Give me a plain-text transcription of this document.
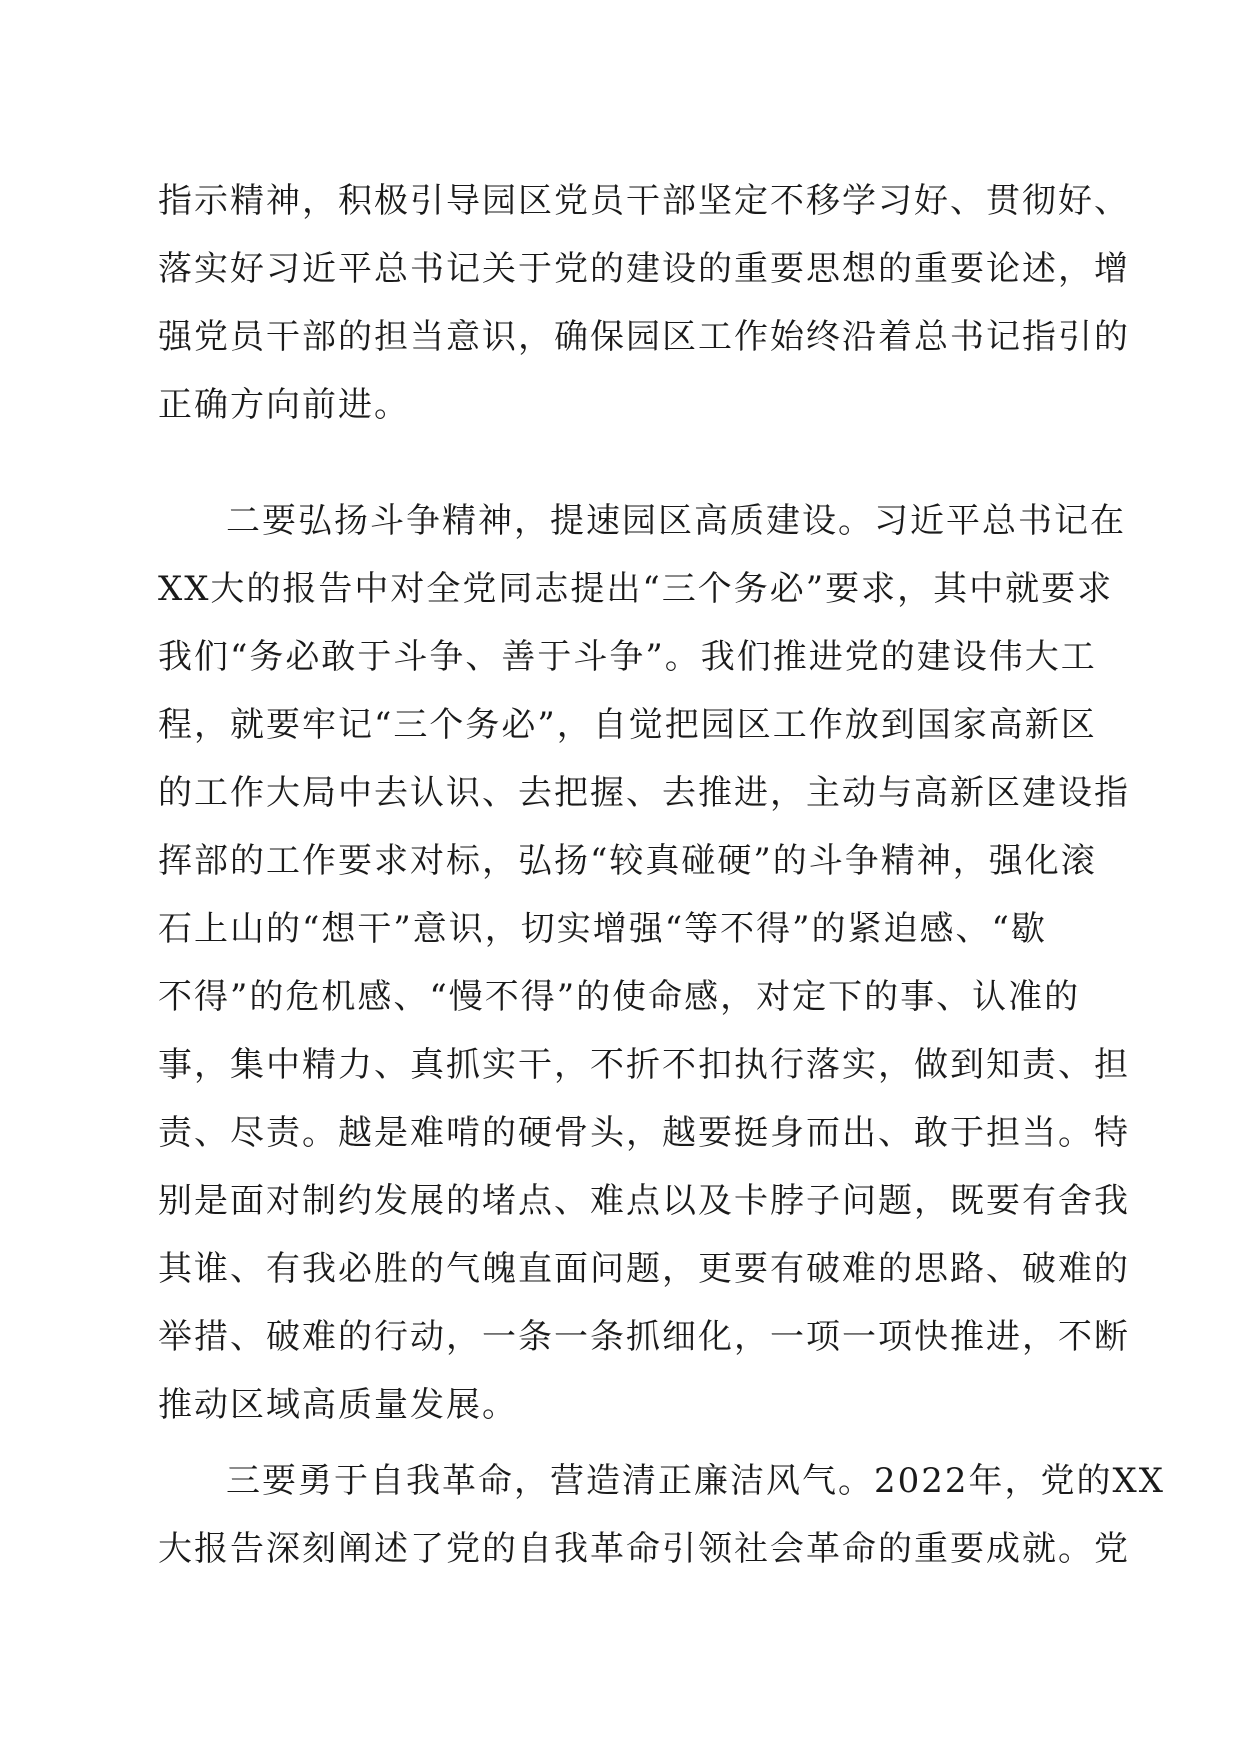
指示精神，积极引导园区党员干部坚定不移学习好、贯彻好、
落实好习近平总书记关于党的建设的重要思想的重要论述，增
强党员干部的担当意识，确保园区工作始终沿着总书记指引的
正确方向前进。
二要弘扬斗争精神，提速园区高质建设。习近平总书记在
XX大的报告中对全党同志提出“三个务必”要求，其中就要求
我们“务必敢于斗争、善于斗争”。我们推进党的建设伟大工
程，就要牢记“三个务必”，自觉把园区工作放到国家高新区
的工作大局中去认识、去把握、去推进，主动与高新区建设指
挥部的工作要求对标，弘扬“较真碰硬”的斗争精神，强化滚
石上山的“想干”意识，切实增强“等不得”的紧迫感、“歇
不得”的危机感、“慢不得”的使命感，对定下的事、认准的
事，集中精力、真抓实干，不折不扣执行落实，做到知责、担
责、尽责。越是难啃的硬骨头，越要挺身而出、敢于担当。特
别是面对制约发展的堵点、难点以及卡脖子问题，既要有舍我
其谁、有我必胜的气魄直面问题，更要有破难的思路、破难的
举措、破难的行动，一条一条抓细化，一项一项快推进，不断
推动区域高质量发展。
三要勇于自我革命，营造清正廉洁风气。2022年，党的XX
大报告深刻阐述了党的自我革命引领社会革命的重要成就。党
